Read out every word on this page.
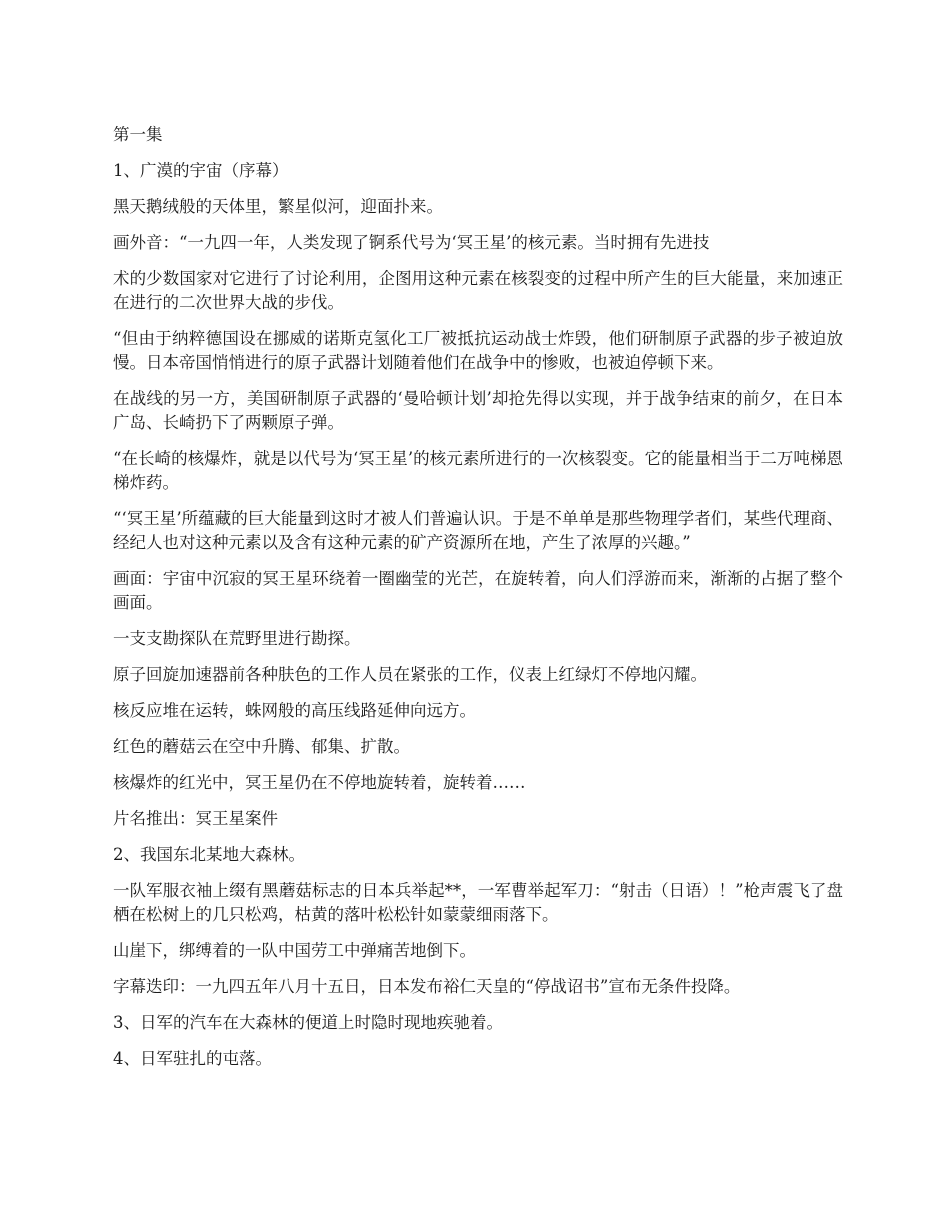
第一集

1、广漠的宇宙（序幕）

黑天鹅绒般的天体里，繁星似河，迎面扑来。

画外音：“一九四一年，人类发现了锕系代号为‘冥王星’的核元素。当时拥有先进技

术的少数国家对它进行了讨论利用，企图用这种元素在核裂变的过程中所产生的巨大能量，来加速正在进行的二次世界大战的步伐。

“但由于纳粹德国设在挪威的诺斯克氢化工厂被抵抗运动战士炸毁，他们研制原子武器的步子被迫放慢。日本帝国悄悄进行的原子武器计划随着他们在战争中的惨败，也被迫停顿下来。

在战线的另一方，美国研制原子武器的‘曼哈顿计划’却抢先得以实现，并于战争结束的前夕，在日本广岛、长崎扔下了两颗原子弹。

“在长崎的核爆炸，就是以代号为‘冥王星’的核元素所进行的一次核裂变。它的能量相当于二万吨梯恩梯炸药。

“‘冥王星’所蕴藏的巨大能量到这时才被人们普遍认识。于是不单单是那些物理学者们，某些代理商、经纪人也对这种元素以及含有这种元素的矿产资源所在地，产生了浓厚的兴趣。”

画面：宇宙中沉寂的冥王星环绕着一圈幽莹的光芒，在旋转着，向人们浮游而来，渐渐的占据了整个画面。

一支支勘探队在荒野里进行勘探。

原子回旋加速器前各种肤色的工作人员在紧张的工作，仪表上红绿灯不停地闪耀。

核反应堆在运转，蛛网般的高压线路延伸向远方。

红色的蘑菇云在空中升腾、郁集、扩散。

核爆炸的红光中，冥王星仍在不停地旋转着，旋转着……

片名推出：冥王星案件

2、我国东北某地大森林。

一队军服衣袖上缀有黑蘑菇标志的日本兵举起**，一军曹举起军刀：“射击（日语）！”枪声震飞了盘栖在松树上的几只松鸡，枯黄的落叶松松针如蒙蒙细雨落下。

山崖下，绑缚着的一队中国劳工中弹痛苦地倒下。

字幕迭印：一九四五年八月十五日，日本发布裕仁天皇的“停战诏书”宣布无条件投降。

3、日军的汽车在大森林的便道上时隐时现地疾驰着。

4、日军驻扎的屯落。
